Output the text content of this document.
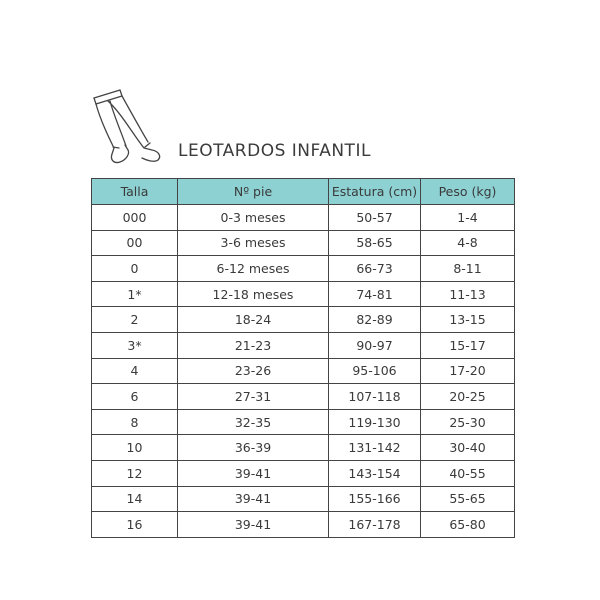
LEOTARDOS INFANTIL
Talla	Nº pie	Estatura (cm)	Peso (kg)
000	0-3 meses	50-57	1-4
00	3-6 meses	58-65	4-8
0	6-12 meses	66-73	8-11
1*	12-18 meses	74-81	11-13
2	18-24	82-89	13-15
3*	21-23	90-97	15-17
4	23-26	95-106	17-20
6	27-31	107-118	20-25
8	32-35	119-130	25-30
10	36-39	131-142	30-40
12	39-41	143-154	40-55
14	39-41	155-166	55-65
16	39-41	167-178	65-80
